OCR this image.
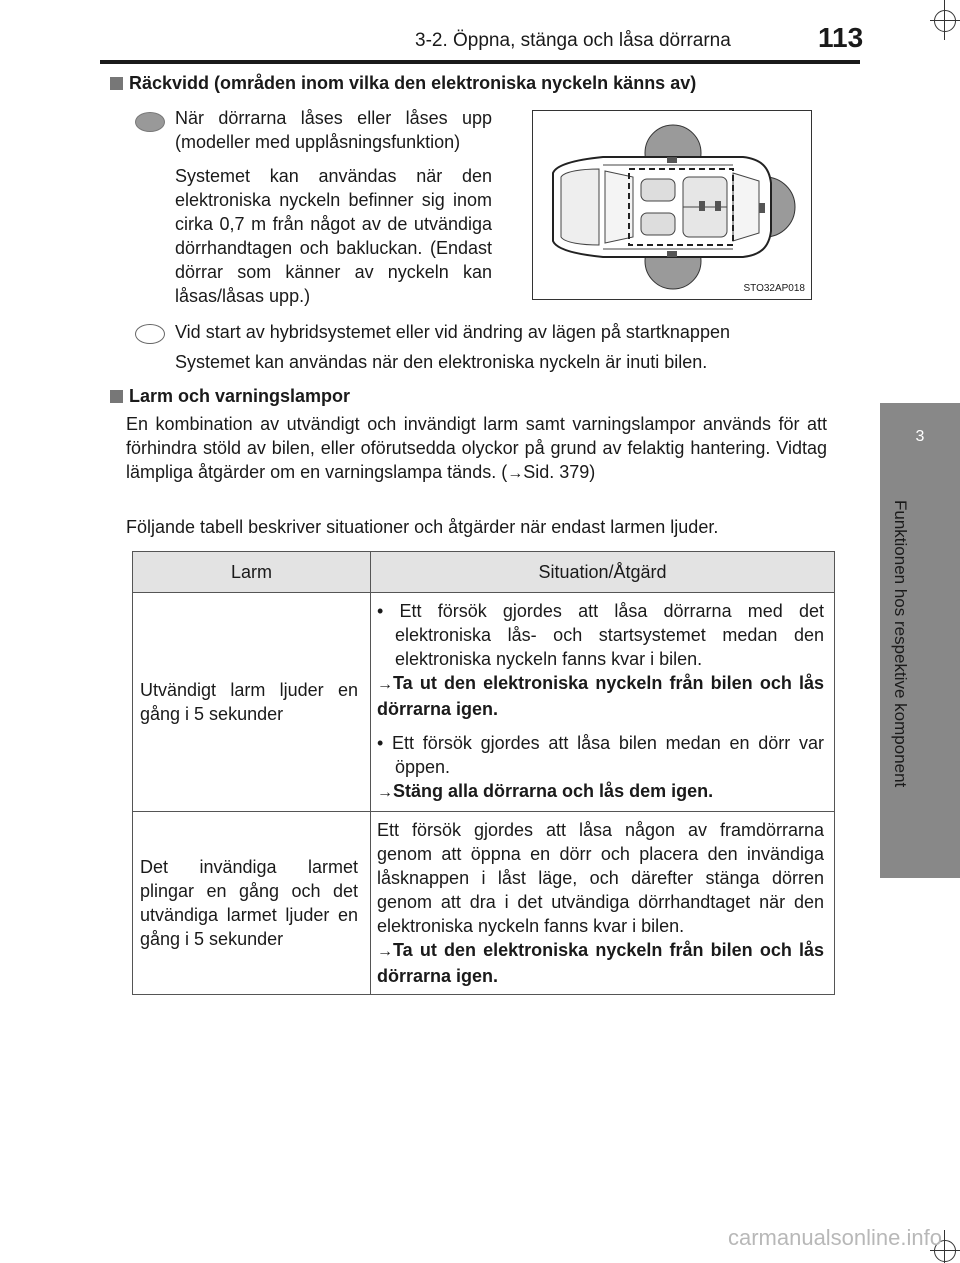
3-2. Öppna, stänga och låsa dörrarna	113
3
Funktionen hos respektive komponent
Räckvidd (områden inom vilka den elektroniska nyckeln känns av)
När dörrarna låses eller låses upp (modeller med upplåsningsfunktion)
Systemet kan användas när den elektroniska nyckeln befinner sig inom cirka 0,7 m från något av de utvändiga dörrhandtagen och bakluckan. (Endast dörrar som känner av nyckeln kan låsas/låsas upp.)	STO32AP018
Vid start av hybridsystemet eller vid ändring av lägen på startknappen
Systemet kan användas när den elektroniska nyckeln är inuti bilen.
Larm och varningslampor
En kombination av utvändigt och invändigt larm samt varningslampor används för att förhindra stöld av bilen, eller oförutsedda olyckor på grund av felaktig hantering. Vidtag lämpliga åtgärder om en varningslampa tänds. (→Sid. 379)
Följande tabell beskriver situationer och åtgärder när endast larmen ljuder.
Larm	Situation/Åtgärd
Utvändigt larm ljuder en gång i 5 sekunder	• Ett försök gjordes att låsa dörrarna med det elektroniska lås- och startsystemet medan den elektroniska nyckeln fanns kvar i bilen.
→Ta ut den elektroniska nyckeln från bilen och lås dörrarna igen.
• Ett försök gjordes att låsa bilen medan en dörr var öppen.
→Stäng alla dörrarna och lås dem igen.

Det invändiga larmet plingar en gång och det utvändiga larmet ljuder en gång i 5 sekunder	Ett försök gjordes att låsa någon av framdörrarna genom att öppna en dörr och placera den invändiga låsknappen i låst läge, och därefter stänga dörren genom att dra i det utvändiga dörrhandtaget när den elektroniska nyckeln fanns kvar i bilen.
→Ta ut den elektroniska nyckeln från bilen och lås dörrarna igen.
carmanualsonline.info
